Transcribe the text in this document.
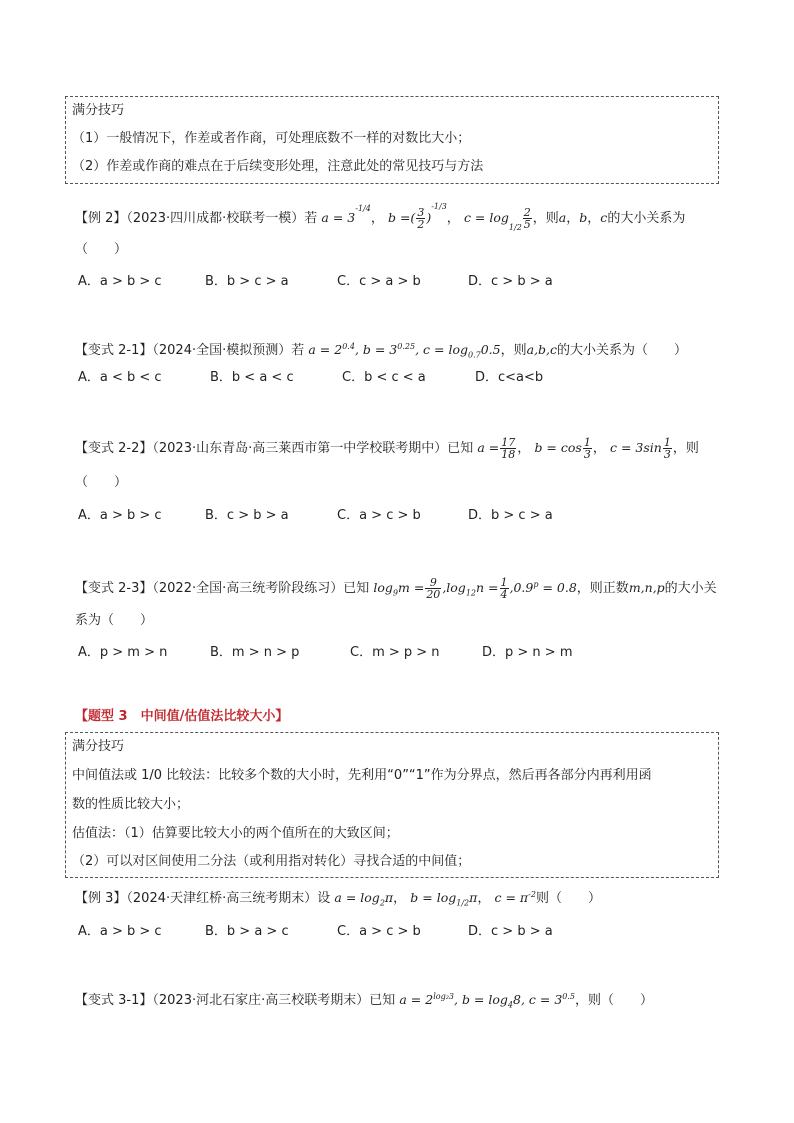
满分技巧
（1）一般情况下，作差或者作商，可处理底数不一样的对数比大小；
（2）作差或作商的难点在于后续变形处理，注意此处的常见技巧与方法
【例 2】（2023·四川成都·校联考一模）若 $a = 3^{-1/4}$， b =( $\frac{3}{2} )^{-1/3}$， $c = \log_{1/2} \frac{2}{5}$ ，则a，b，c的大小关系为
（　　）
A．a > b > c	B．b > c > a	C．c > a > b	D．c > b > a
【变式 2-1】（2024·全国·模拟预测）若 $a = 2^{0.4}$, $b = 3^{0.25}$, $c = \log_{0.7}0.5$，则a,b,c的大小关系为（　　）
A．a < b < c	B．b < a < c	C．b < c < a	D．c<a<b
【变式 2-2】（2023·山东青岛·高三莱西市第一中学校联考期中）已知 $a = \frac{17}{18}$ ， $b = \cos \frac{1}{3}$ ， $c = 3\sin \frac{1}{3}$ ，则
（　　）
A．a > b > c	B．c > b > a	C．a > c > b	D．b > c > a
【变式 2-3】（2022·全国·高三统考阶段练习）已知 $\log_9m = \frac{9}{20} ,\log_{12}n = \frac{1}{4} ,0.9^p = 0.8$，则正数m,n,p的大小关
系为（　　）
A．p > m > n	B．m > n > p	C．m > p > n	D．p > n > m
【题型 3　中间值/估值法比较大小】
满分技巧
中间值法或 1/0 比较法：比较多个数的大小时，先利用“0”“1”作为分界点，然后再各部分内再利用函
数的性质比较大小；
估值法：（1）估算要比较大小的两个值所在的大致区间；
（2）可以对区间使用二分法（或利用指对转化）寻找合适的中间值；
【例 3】（2024·天津红桥·高三统考期末）设 $a = \log_2\pi$， $b = \log_{1/2}\pi$， $c = \pi^{-2}$则（　　）
A．a > b > c	B．b > a > c	C．a > c > b	D．c > b > a
【变式 3-1】（2023·河北石家庄·高三校联考期末）已知 $a = 2^{log_23}$, $b = \log_48$, $c = 3^{0.5}$，则（　　）
